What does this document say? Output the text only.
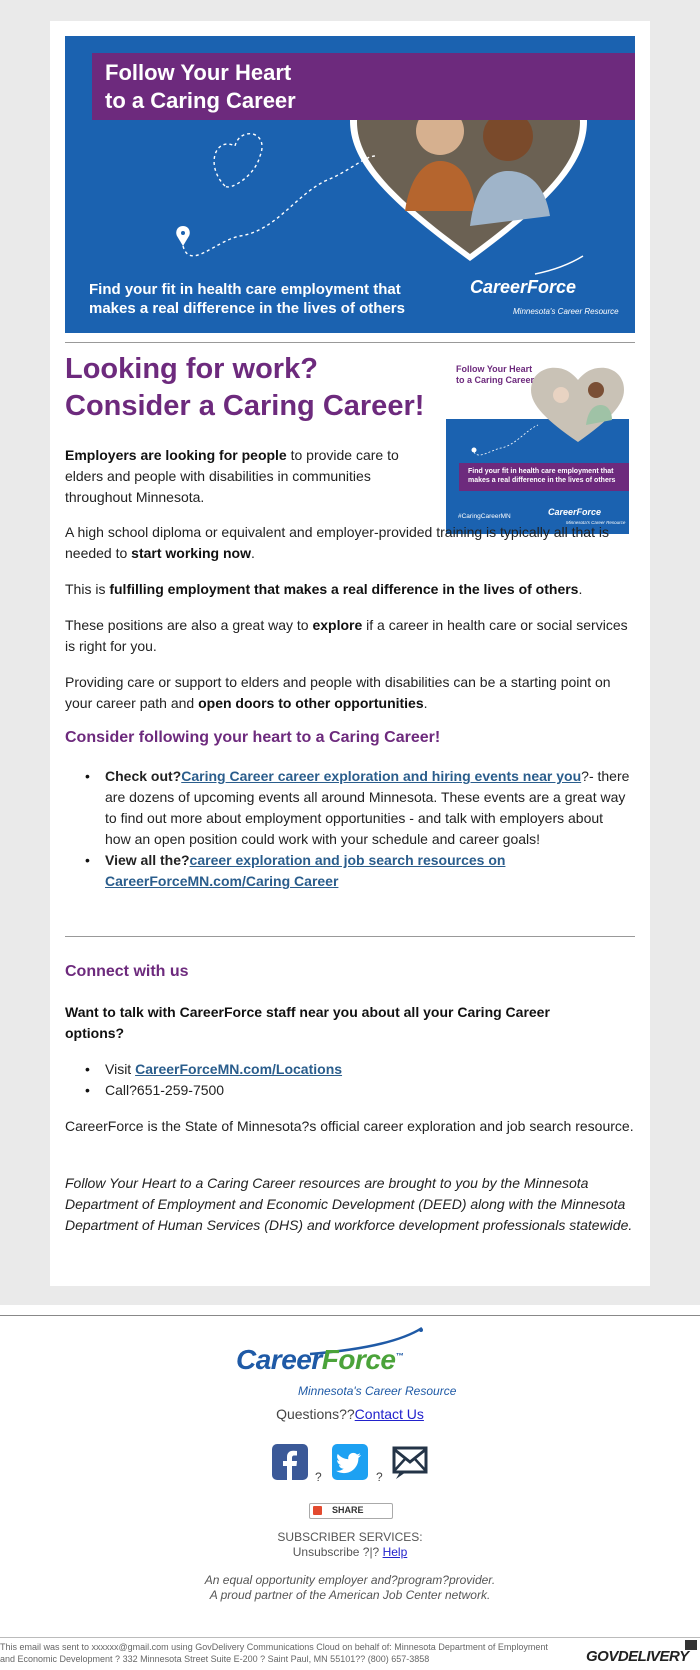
Follow Your Heart
to a Caring Career
Find your fit in health care employment that
makes a real difference in the lives of others
CareerForce
Minnesota's Career Resource
Looking for work?
Consider a Caring Career!
Follow Your Heart
to a Caring Career
Find your fit in health care employment that
makes a real difference in the lives of others
#CaringCareerMN	CareerForce
Minnesota's Career Resource
Employers are looking for people to provide care to elders and people with disabilities in communities throughout Minnesota.
A high school diploma or equivalent and employer-provided training is typically all that is needed to start working now.
This is fulfilling employment that makes a real difference in the lives of others.
These positions are also a great way to explore if a career in health care or social services is right for you.
Providing care or support to elders and people with disabilities can be a starting point on your career path and open doors to other opportunities.
Consider following your heart to a Caring Career!
• Check out?Caring Career career exploration and hiring events near you?- there are dozens of upcoming events all around Minnesota. These events are a great way to find out more about employment opportunities - and talk with employers about how an open position could work with your schedule and career goals!
• View all the?career exploration and job search resources on CareerForceMN.com/Caring Career
Connect with us
Want to talk with CareerForce staff near you about all your Caring Career options?
• Visit CareerForceMN.com/Locations
• Call?651-259-7500
CareerForce is the State of Minnesota?s official career exploration and job search resource.
Follow Your Heart to a Caring Career resources are brought to you by the Minnesota Department of Employment and Economic Development (DEED) along with the Minnesota Department of Human Services (DHS) and workforce development professionals statewide.
CareerForce™
Minnesota's Career Resource
Questions??Contact Us
?	?
SHARE
SUBSCRIBER SERVICES:
Unsubscribe ?|? Help
An equal opportunity employer and?program?provider.
A proud partner of the American Job Center network.
This email was sent to xxxxxx@gmail.com using GovDelivery Communications Cloud on behalf of: Minnesota Department of Employment and Economic Development ? 332 Minnesota Street Suite E-200 ? Saint Paul, MN 55101?? (800) 657-3858	GOVDELIVERY
